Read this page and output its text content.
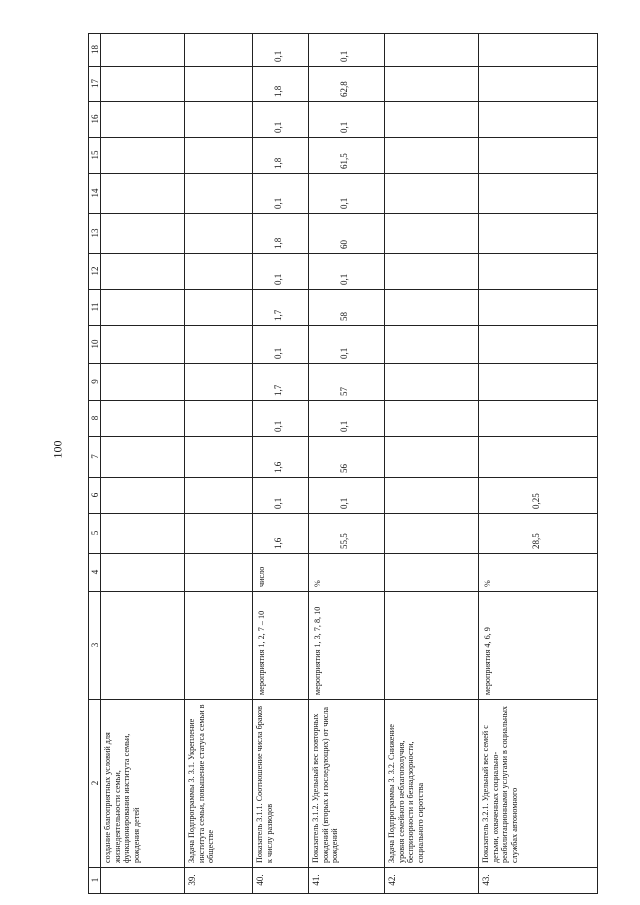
100
1
2
3
4
5
6
7
8
9
10
11
12
13
14
15
16
17
18
создание благоприятных условий для жизнедеятельности семьи, функционирования института семьи, рождения детей
39.
Задача Подпрограммы 3. 3.1. Укрепление института семьи, повышение статуса семьи в обществе
40.
Показатель 3.1.1. Соотношение числа браков к числу разводов
мероприятия 1, 2, 7 – 10
число
1,6
0,1
1,6
0,1
1,7
0,1
1,7
0,1
1,8
0,1
1,8
0,1
1,8
0,1
41.
Показатель 3.1.2. Удельный вес повторных рождений (вторых и последующих) от числа рождений
мероприятия 1, 3, 7, 8, 10
%
55,5
0,1
56
0,1
57
0,1
58
0,1
60
0,1
61,5
0,1
62,8
0,1
42.
Задача Подпрограммы 3. 3.2. Снижение уровня семейного неблагополучия, беспризорности и безнадзорности, социального сиротства
43.
Показатель 3.2.1. Удельный вес семей с детьми, охваченных социально-реабилитационными услугами в социальных службах автономного
мероприятия 4, 6, 9
%
28,5
0,25
